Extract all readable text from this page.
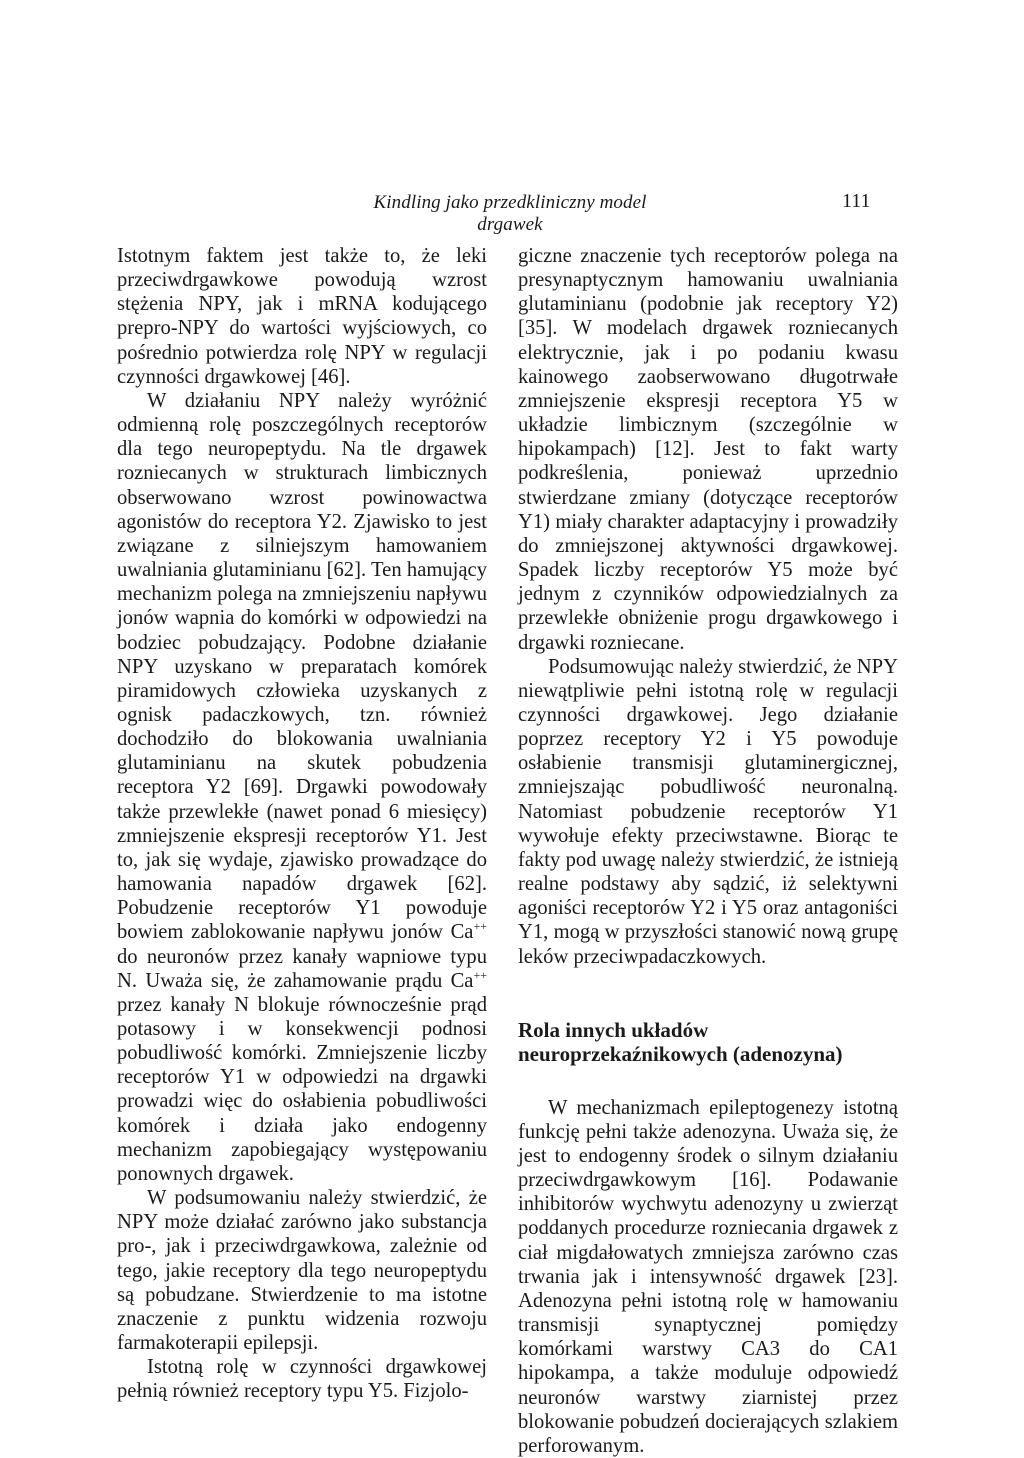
Kindling jako przedkliniczny model drgawek
111

Istotnym faktem jest także to, że leki przeciwdrgawkowe powodują wzrost stężenia NPY, jak i mRNA kodującego prepro-NPY do wartości wyjściowych, co pośrednio potwierdza rolę NPY w regulacji czynności drgawkowej [46].

W działaniu NPY należy wyróżnić odmienną rolę poszczególnych receptorów dla tego neuropeptydu. Na tle drgawek rozniecanych w strukturach limbicznych obserwowano wzrost powinowactwa agonistów do receptora Y2. Zjawisko to jest związane z silniejszym hamowaniem uwalniania glutaminianu [62]. Ten hamujący mechanizm polega na zmniejszeniu napływu jonów wapnia do komórki w odpowiedzi na bodziec pobudzający. Podobne działanie NPY uzyskano w preparatach komórek piramidowych człowieka uzyskanych z ognisk padaczkowych, tzn. również dochodziło do blokowania uwalniania glutaminianu na skutek pobudzenia receptora Y2 [69]. Drgawki powodowały także przewlekłe (nawet ponad 6 miesięcy) zmniejszenie ekspresji receptorów Y1. Jest to, jak się wydaje, zjawisko prowadzące do hamowania napadów drgawek [62]. Pobudzenie receptorów Y1 powoduje bowiem zablokowanie napływu jonów Ca++ do neuronów przez kanały wapniowe typu N. Uważa się, że zahamowanie prądu Ca++ przez kanały N blokuje równocześnie prąd potasowy i w konsekwencji podnosi pobudliwość komórki. Zmniejszenie liczby receptorów Y1 w odpowiedzi na drgawki prowadzi więc do osłabienia pobudliwości komórek i działa jako endogenny mechanizm zapobiegający występowaniu ponownych drgawek.

W podsumowaniu należy stwierdzić, że NPY może działać zarówno jako substancja pro-, jak i przeciwdrgawkowa, zależnie od tego, jakie receptory dla tego neuropeptydu są pobudzane. Stwierdzenie to ma istotne znaczenie z punktu widzenia rozwoju farmakoterapii epilepsji.

Istotną rolę w czynności drgawkowej pełnią również receptory typu Y5. Fizjolo-

giczne znaczenie tych receptorów polega na presynaptycznym hamowaniu uwalniania glutaminianu (podobnie jak receptory Y2) [35]. W modelach drgawek rozniecanych elektrycznie, jak i po podaniu kwasu kainowego zaobserwowano długotrwałe zmniejszenie ekspresji receptora Y5 w układzie limbicznym (szczególnie w hipokampach) [12]. Jest to fakt warty podkreślenia, ponieważ uprzednio stwierdzane zmiany (dotyczące receptorów Y1) miały charakter adaptacyjny i prowadziły do zmniejszonej aktywności drgawkowej. Spadek liczby receptorów Y5 może być jednym z czynników odpowiedzialnych za przewlekłe obniżenie progu drgawkowego i drgawki rozniecane.

Podsumowując należy stwierdzić, że NPY niewątpliwie pełni istotną rolę w regulacji czynności drgawkowej. Jego działanie poprzez receptory Y2 i Y5 powoduje osłabienie transmisji glutaminergicznej, zmniejszając pobudliwość neuronalną. Natomiast pobudzenie receptorów Y1 wywołuje efekty przeciwstawne. Biorąc te fakty pod uwagę należy stwierdzić, że istnieją realne podstawy aby sądzić, iż selektywni agoniści receptorów Y2 i Y5 oraz antagoniści Y1, mogą w przyszłości stanowić nową grupę leków przeciwpadaczkowych.

Rola innych układów
neuroprzekaźnikowych (adenozyna)

W mechanizmach epileptogenezy istotną funkcję pełni także adenozyna. Uważa się, że jest to endogenny środek o silnym działaniu przeciwdrgawkowym [16]. Podawanie inhibitorów wychwytu adenozyny u zwierząt poddanych procedurze rozniecania drgawek z ciał migdałowatych zmniejsza zarówno czas trwania jak i intensywność drgawek [23]. Adenozyna pełni istotną rolę w hamowaniu transmisji synaptycznej pomiędzy komórkami warstwy CA3 do CA1 hipokampa, a także moduluje odpowiedź neuronów warstwy ziarnistej przez blokowanie pobudzeń docierających szlakiem perforowanym.
